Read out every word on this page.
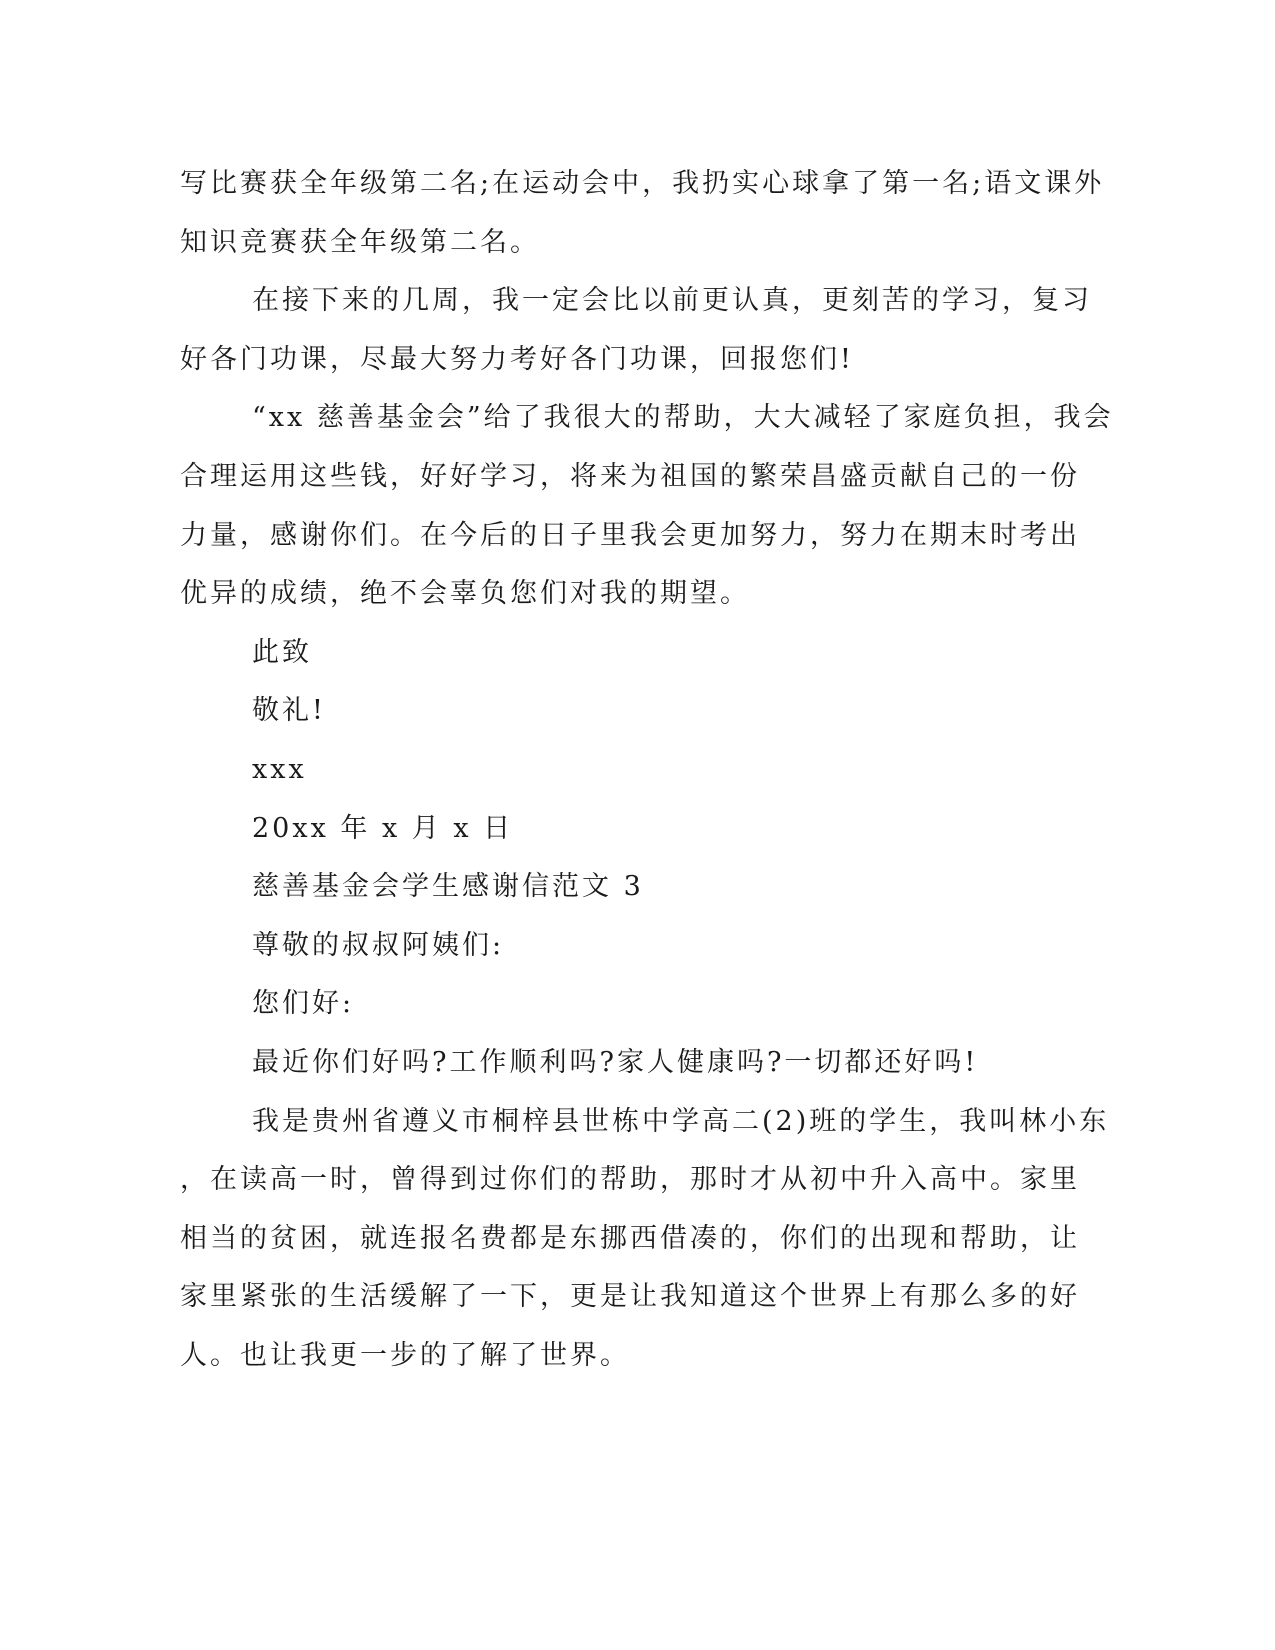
写比赛获全年级第二名;在运动会中，我扔实心球拿了第一名;语文课外
知识竞赛获全年级第二名。
在接下来的几周，我一定会比以前更认真，更刻苦的学习，复习
好各门功课，尽最大努力考好各门功课，回报您们!
“xx 慈善基金会”给了我很大的帮助，大大减轻了家庭负担，我会
合理运用这些钱，好好学习，将来为祖国的繁荣昌盛贡献自己的一份
力量，感谢你们。在今后的日子里我会更加努力，努力在期末时考出
优异的成绩，绝不会辜负您们对我的期望。
此致
敬礼!
xxx
20xx 年 x 月 x 日
慈善基金会学生感谢信范文 3
尊敬的叔叔阿姨们:
您们好:
最近你们好吗?工作顺利吗?家人健康吗?一切都还好吗!
我是贵州省遵义市桐梓县世栋中学高二(2)班的学生，我叫林小东
，在读高一时，曾得到过你们的帮助，那时才从初中升入高中。家里
相当的贫困，就连报名费都是东挪西借凑的，你们的出现和帮助，让
家里紧张的生活缓解了一下，更是让我知道这个世界上有那么多的好
人。也让我更一步的了解了世界。
